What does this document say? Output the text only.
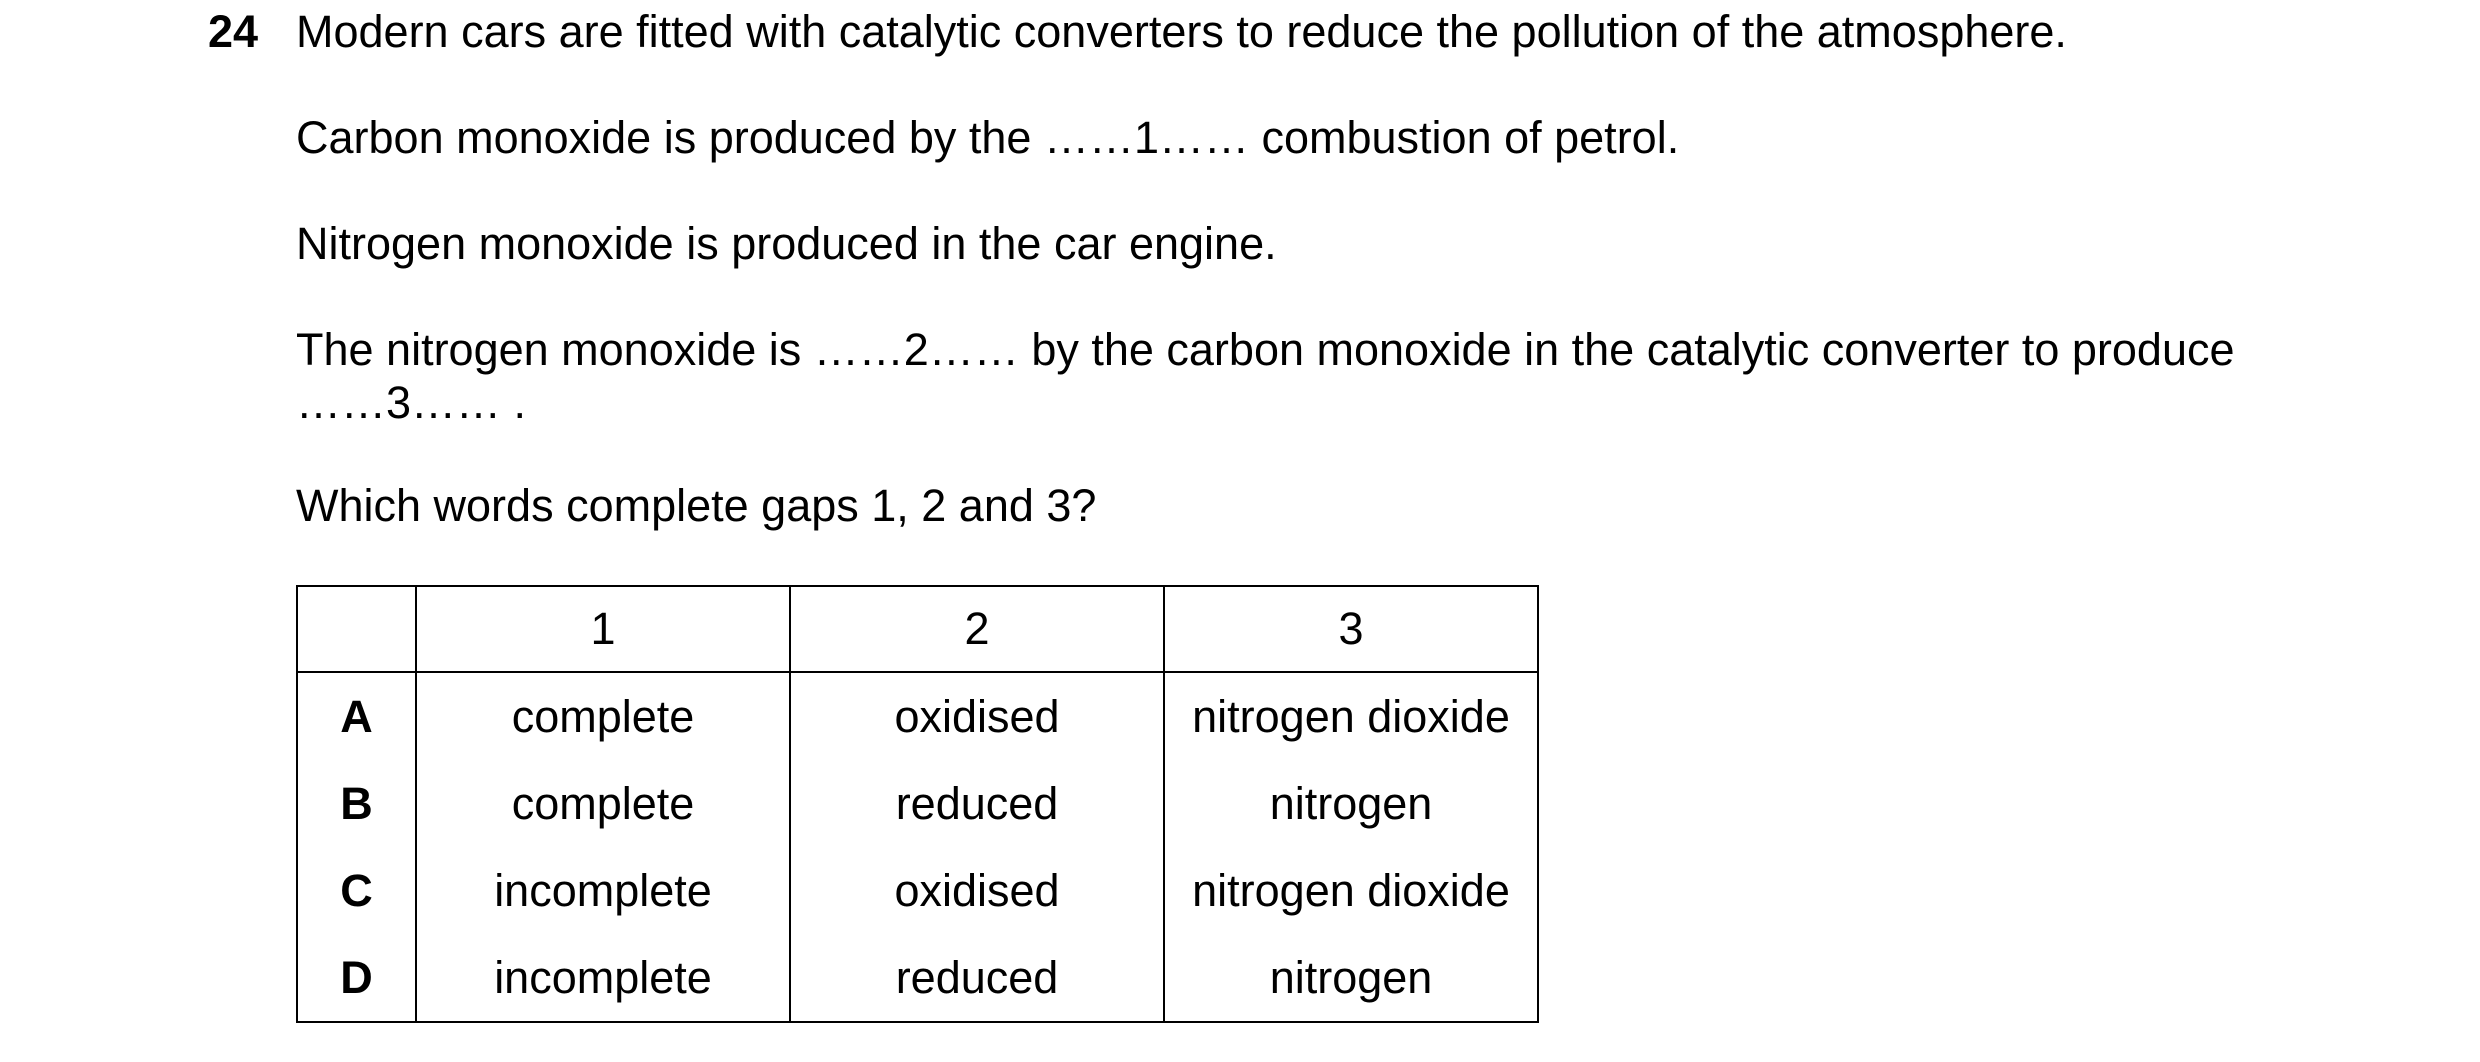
24 Modern cars are fitted with catalytic converters to reduce the pollution of the atmosphere.
Carbon monoxide is produced by the ……1…… combustion of petrol.
Nitrogen monoxide is produced in the car engine.
The nitrogen monoxide is ……2…… by the carbon monoxide in the catalytic converter to produce
……3…… .
Which words complete gaps 1, 2 and 3?
	1	2	3
A	complete	oxidised	nitrogen dioxide
B	complete	reduced	nitrogen
C	incomplete	oxidised	nitrogen dioxide
D	incomplete	reduced	nitrogen
